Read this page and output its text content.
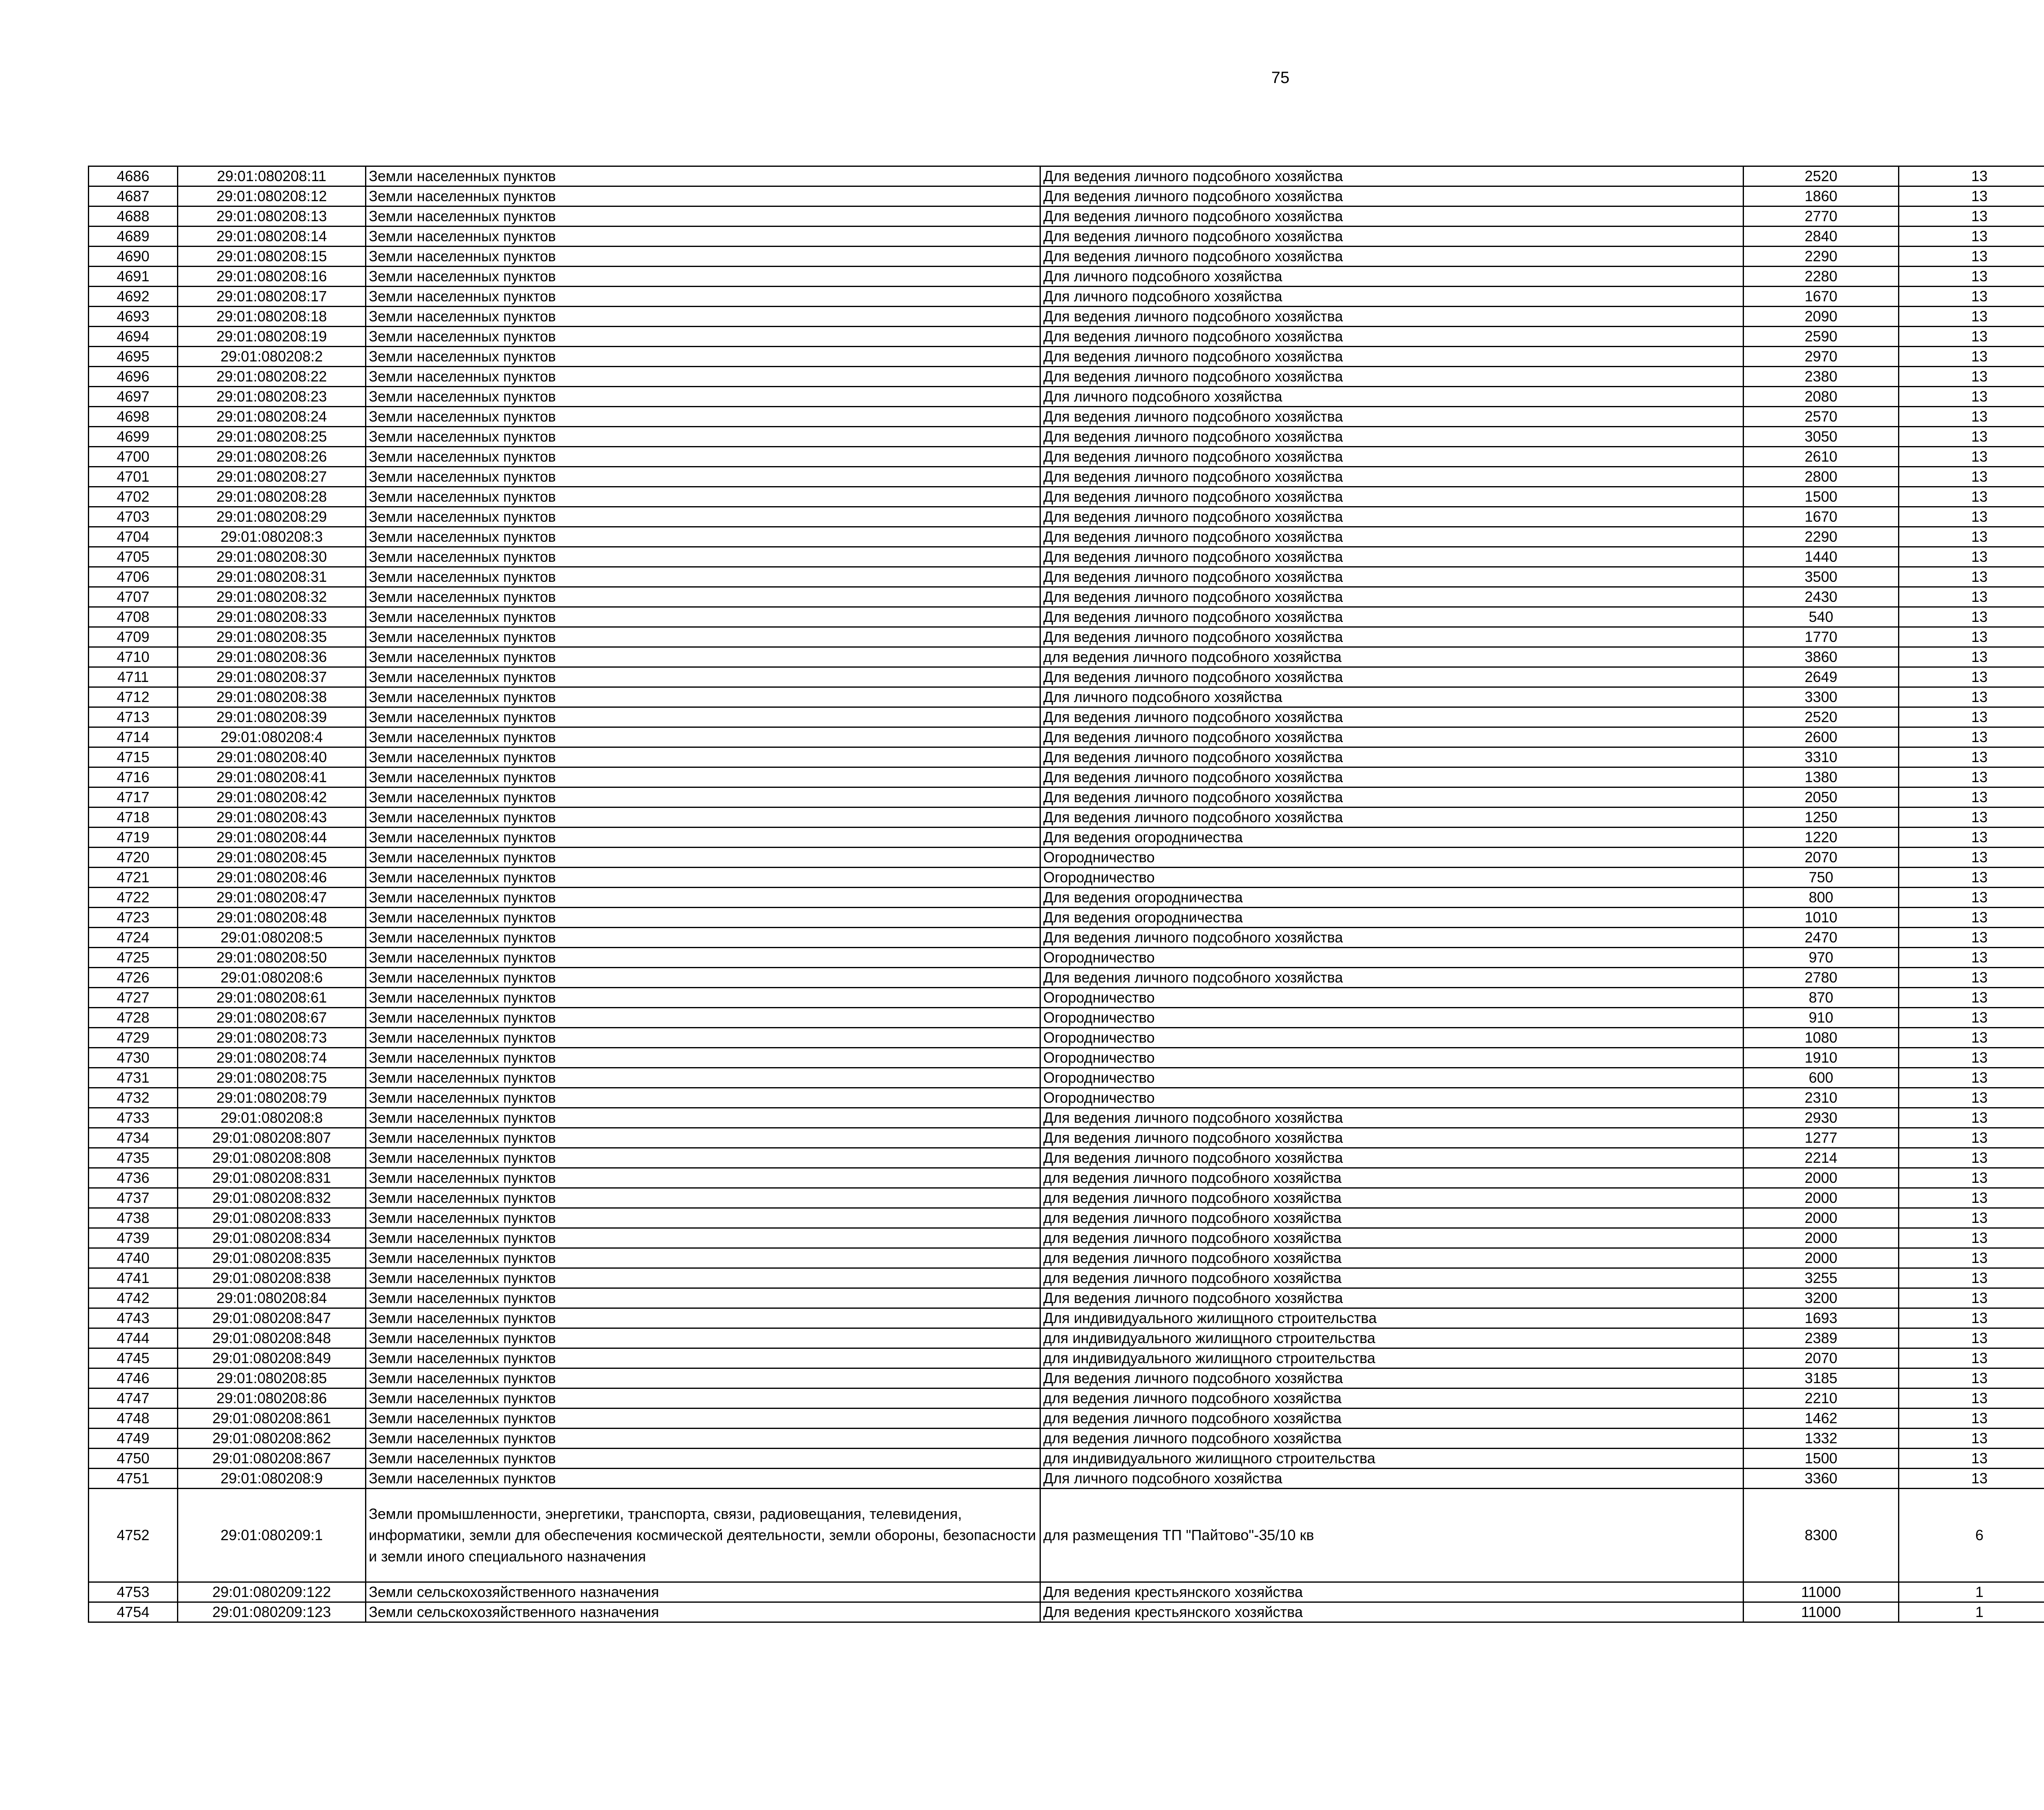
75
4686	29:01:080208:11	Земли населенных пунктов	Для ведения личного подсобного хозяйства	2520	13		
4687	29:01:080208:12	Земли населенных пунктов	Для ведения личного подсобного хозяйства	1860	13		
4688	29:01:080208:13	Земли населенных пунктов	Для ведения личного подсобного хозяйства	2770	13		
4689	29:01:080208:14	Земли населенных пунктов	Для ведения личного подсобного хозяйства	2840	13		
4690	29:01:080208:15	Земли населенных пунктов	Для ведения личного подсобного хозяйства	2290	13		
4691	29:01:080208:16	Земли населенных пунктов	Для личного подсобного хозяйства	2280	13		
4692	29:01:080208:17	Земли населенных пунктов	Для личного подсобного хозяйства	1670	13		
4693	29:01:080208:18	Земли населенных пунктов	Для ведения личного подсобного хозяйства	2090	13		
4694	29:01:080208:19	Земли населенных пунктов	Для ведения личного подсобного хозяйства	2590	13		
4695	29:01:080208:2	Земли населенных пунктов	Для ведения личного подсобного хозяйства	2970	13		
4696	29:01:080208:22	Земли населенных пунктов	Для ведения личного подсобного хозяйства	2380	13		
4697	29:01:080208:23	Земли населенных пунктов	Для личного подсобного хозяйства	2080	13		
4698	29:01:080208:24	Земли населенных пунктов	Для ведения личного подсобного хозяйства	2570	13		
4699	29:01:080208:25	Земли населенных пунктов	Для ведения личного подсобного хозяйства	3050	13		
4700	29:01:080208:26	Земли населенных пунктов	Для ведения личного подсобного хозяйства	2610	13		
4701	29:01:080208:27	Земли населенных пунктов	Для ведения личного подсобного хозяйства	2800	13		
4702	29:01:080208:28	Земли населенных пунктов	Для ведения личного подсобного хозяйства	1500	13		
4703	29:01:080208:29	Земли населенных пунктов	Для ведения личного подсобного хозяйства	1670	13		
4704	29:01:080208:3	Земли населенных пунктов	Для ведения личного подсобного хозяйства	2290	13		
4705	29:01:080208:30	Земли населенных пунктов	Для ведения личного подсобного хозяйства	1440	13		
4706	29:01:080208:31	Земли населенных пунктов	Для ведения личного подсобного хозяйства	3500	13		
4707	29:01:080208:32	Земли населенных пунктов	Для ведения личного подсобного хозяйства	2430	13		
4708	29:01:080208:33	Земли населенных пунктов	Для ведения личного подсобного хозяйства	540	13		
4709	29:01:080208:35	Земли населенных пунктов	Для ведения личного подсобного хозяйства	1770	13		
4710	29:01:080208:36	Земли населенных пунктов	для ведения личного подсобного хозяйства	3860	13		
4711	29:01:080208:37	Земли населенных пунктов	Для ведения личного подсобного хозяйства	2649	13		
4712	29:01:080208:38	Земли населенных пунктов	Для личного подсобного хозяйства	3300	13		
4713	29:01:080208:39	Земли населенных пунктов	Для ведения личного подсобного хозяйства	2520	13		
4714	29:01:080208:4	Земли населенных пунктов	Для ведения личного подсобного хозяйства	2600	13		
4715	29:01:080208:40	Земли населенных пунктов	Для ведения личного подсобного хозяйства	3310	13		
4716	29:01:080208:41	Земли населенных пунктов	Для ведения личного подсобного хозяйства	1380	13		
4717	29:01:080208:42	Земли населенных пунктов	Для ведения личного подсобного хозяйства	2050	13		
4718	29:01:080208:43	Земли населенных пунктов	Для ведения личного подсобного хозяйства	1250	13		
4719	29:01:080208:44	Земли населенных пунктов	Для ведения огородничества	1220	13		
4720	29:01:080208:45	Земли населенных пунктов	Огородничество	2070	13		
4721	29:01:080208:46	Земли населенных пунктов	Огородничество	750	13		
4722	29:01:080208:47	Земли населенных пунктов	Для ведения огородничества	800	13		
4723	29:01:080208:48	Земли населенных пунктов	Для ведения огородничества	1010	13		
4724	29:01:080208:5	Земли населенных пунктов	Для ведения личного подсобного хозяйства	2470	13		
4725	29:01:080208:50	Земли населенных пунктов	Огородничество	970	13		
4726	29:01:080208:6	Земли населенных пунктов	Для ведения личного подсобного хозяйства	2780	13		
4727	29:01:080208:61	Земли населенных пунктов	Огородничество	870	13		
4728	29:01:080208:67	Земли населенных пунктов	Огородничество	910	13		
4729	29:01:080208:73	Земли населенных пунктов	Огородничество	1080	13		
4730	29:01:080208:74	Земли населенных пунктов	Огородничество	1910	13		
4731	29:01:080208:75	Земли населенных пунктов	Огородничество	600	13		
4732	29:01:080208:79	Земли населенных пунктов	Огородничество	2310	13		
4733	29:01:080208:8	Земли населенных пунктов	Для ведения личного подсобного хозяйства	2930	13		
4734	29:01:080208:807	Земли населенных пунктов	Для ведения личного подсобного хозяйства	1277	13		
4735	29:01:080208:808	Земли населенных пунктов	Для ведения личного подсобного хозяйства	2214	13		
4736	29:01:080208:831	Земли населенных пунктов	для ведения личного подсобного хозяйства	2000	13		
4737	29:01:080208:832	Земли населенных пунктов	для ведения личного подсобного хозяйства	2000	13		
4738	29:01:080208:833	Земли населенных пунктов	для ведения личного подсобного хозяйства	2000	13		
4739	29:01:080208:834	Земли населенных пунктов	для ведения личного подсобного хозяйства	2000	13		
4740	29:01:080208:835	Земли населенных пунктов	для ведения личного подсобного хозяйства	2000	13		
4741	29:01:080208:838	Земли населенных пунктов	для ведения личного подсобного хозяйства	3255	13		
4742	29:01:080208:84	Земли населенных пунктов	Для ведения личного подсобного хозяйства	3200	13		
4743	29:01:080208:847	Земли населенных пунктов	Для индивидуального жилищного строительства	1693	13		
4744	29:01:080208:848	Земли населенных пунктов	для индивидуального жилищного строительства	2389	13		
4745	29:01:080208:849	Земли населенных пунктов	для индивидуального жилищного строительства	2070	13		
4746	29:01:080208:85	Земли населенных пунктов	Для ведения личного подсобного хозяйства	3185	13		
4747	29:01:080208:86	Земли населенных пунктов	для ведения личного подсобного хозяйства	2210	13		
4748	29:01:080208:861	Земли населенных пунктов	для ведения личного подсобного хозяйства	1462	13		
4749	29:01:080208:862	Земли населенных пунктов	для ведения личного подсобного хозяйства	1332	13		
4750	29:01:080208:867	Земли населенных пунктов	для индивидуального жилищного строительства	1500	13		
4751	29:01:080208:9	Земли населенных пунктов	Для личного подсобного хозяйства	3360	13		
4752	29:01:080209:1	Земли промышленности, энергетики, транспорта, связи, радиовещания, телевидения, информатики, земли для обеспечения космической деятельности, земли обороны, безопасности и земли иного специального назначения	для размещения ТП "Пайтово"-35/10 кв	8300	6		
4753	29:01:080209:122	Земли сельскохозяйственного назначения	Для ведения крестьянского хозяйства	11000	1		
4754	29:01:080209:123	Земли сельскохозяйственного назначения	Для ведения крестьянского хозяйства	11000	1		
